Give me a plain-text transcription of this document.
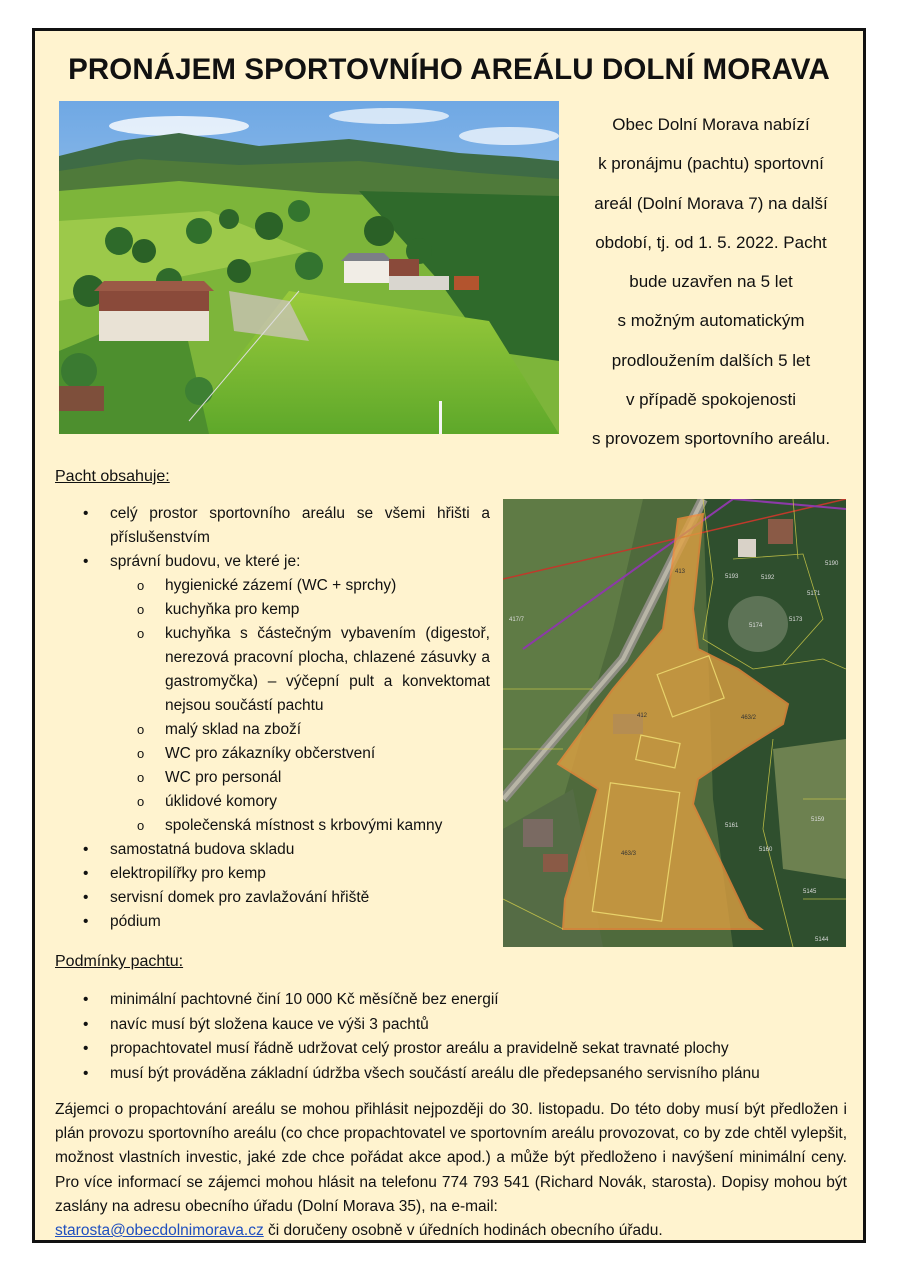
PRONÁJEM SPORTOVNÍHO AREÁLU DOLNÍ MORAVA
Obec Dolní Morava nabízí
k pronájmu (pachtu) sportovní
areál (Dolní Morava 7) na další
období, tj. od 1. 5. 2022. Pacht
bude uzavřen na 5 let
s možným automatickým
prodloužením dalších 5 let
v případě spokojenosti
s provozem sportovního areálu.
Pacht obsahuje:
• celý prostor sportovního areálu se všemi hřišti a příslušenstvím
• správní budovu, ve které je:
o hygienické zázemí (WC + sprchy)
o kuchyňka pro kemp
o kuchyňka s částečným vybavením (digestoř, nerezová pracovní plocha, chlazené zásuvky a gastromyčka) – výčepní pult a konvektomat nejsou součástí pachtu
o malý sklad na zboží
o WC pro zákazníky občerstvení
o WC pro personál
o úklidové komory
o společenská místnost s krbovými kamny
• samostatná budova skladu
• elektropilířky pro kemp
• servisní domek pro zavlažování hřiště
• pódium
5193	5192
5190
5174
5173
5171
5161
5160
5159
5145
5144
417/7
463/2
463/3
412
413
Podmínky pachtu:
• minimální pachtovné činí 10 000 Kč měsíčně bez energií
• navíc musí být složena kauce ve výši 3 pachtů
• propachtovatel musí řádně udržovat celý prostor areálu a pravidelně sekat travnaté plochy
• musí být prováděna základní údržba všech součástí areálu dle předepsaného servisního plánu
Zájemci o propachtování areálu se mohou přihlásit nejpozději do 30. listopadu. Do této doby musí být předložen i plán provozu sportovního areálu (co chce propachtovatel ve sportovním areálu provozovat, co by zde chtěl vylepšit, možnost vlastních investic, jaké zde chce pořádat akce apod.) a může být předloženo i navýšení minimální ceny. Pro více informací se zájemci mohou hlásit na telefonu 774 793 541 (Richard Novák, starosta). Dopisy mohou být zaslány na adresu obecního úřadu (Dolní Morava 35), na e-mail:
starosta@obecdolnimorava.cz či doručeny osobně v úředních hodinách obecního úřadu.
